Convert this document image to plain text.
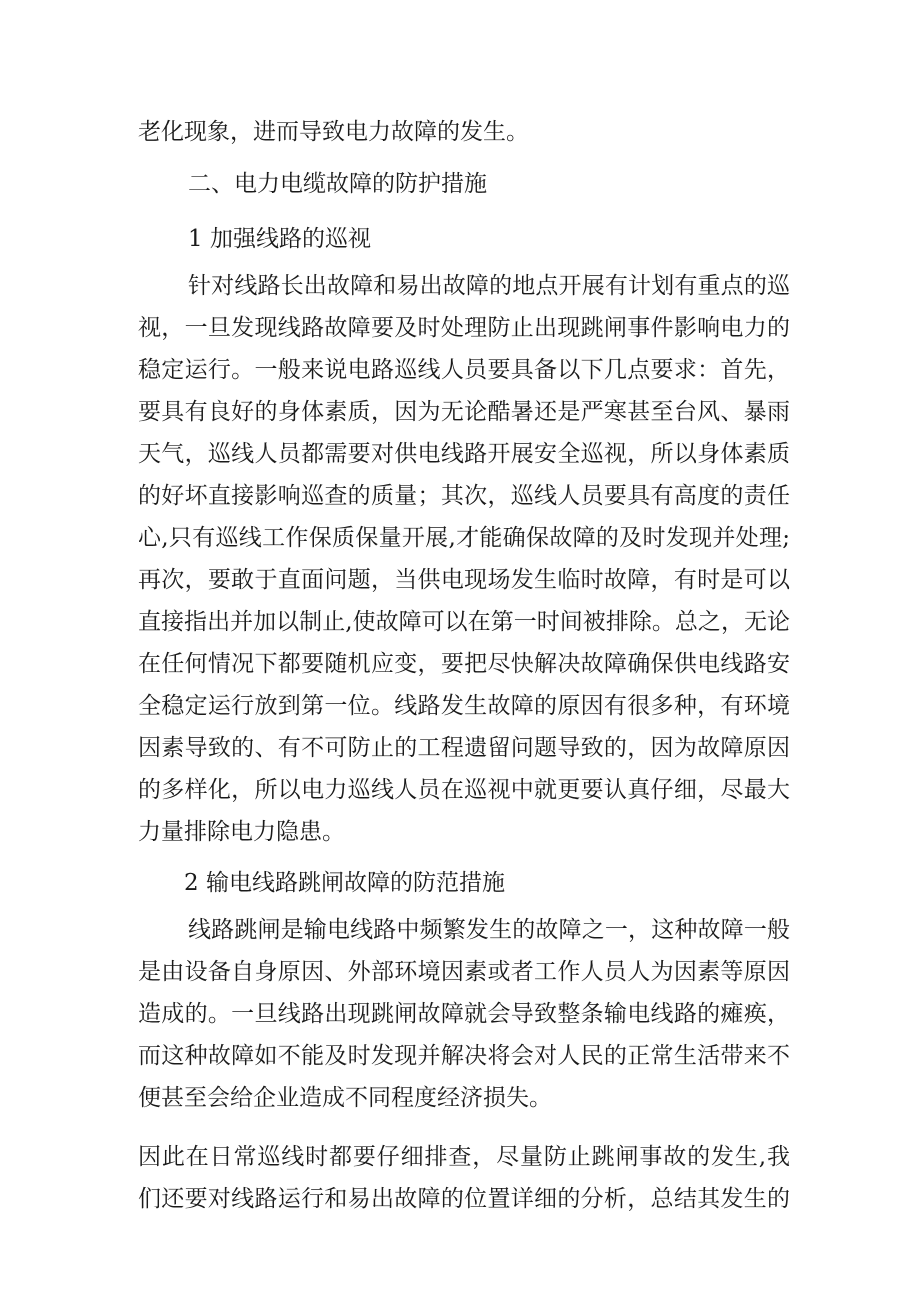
老化现象，进而导致电力故障的发生。
二、电力电缆故障的防护措施
1 加强线路的巡视
针对线路长出故障和易出故障的地点开展有计划有重点的巡
视，一旦发现线路故障要及时处理防止出现跳闸事件影响电力的
稳定运行。一般来说电路巡线人员要具备以下几点要求：首先，
要具有良好的身体素质，因为无论酷暑还是严寒甚至台风、暴雨
天气，巡线人员都需要对供电线路开展安全巡视，所以身体素质
的好坏直接影响巡查的质量；其次，巡线人员要具有高度的责任
心,只有巡线工作保质保量开展,才能确保故障的及时发现并处理;
再次，要敢于直面问题，当供电现场发生临时故障，有时是可以
直接指出并加以制止,使故障可以在第一时间被排除。总之，无论
在任何情况下都要随机应变，要把尽快解决故障确保供电线路安
全稳定运行放到第一位。线路发生故障的原因有很多种，有环境
因素导致的、有不可防止的工程遗留问题导致的，因为故障原因
的多样化，所以电力巡线人员在巡视中就更要认真仔细，尽最大
力量排除电力隐患。
2 输电线路跳闸故障的防范措施
线路跳闸是输电线路中频繁发生的故障之一，这种故障一般
是由设备自身原因、外部环境因素或者工作人员人为因素等原因
造成的。一旦线路出现跳闸故障就会导致整条输电线路的瘫痪，
而这种故障如不能及时发现并解决将会对人民的正常生活带来不
便甚至会给企业造成不同程度经济损失。
因此在日常巡线时都要仔细排查，尽量防止跳闸事故的发生,我
们还要对线路运行和易出故障的位置详细的分析，总结其发生的
